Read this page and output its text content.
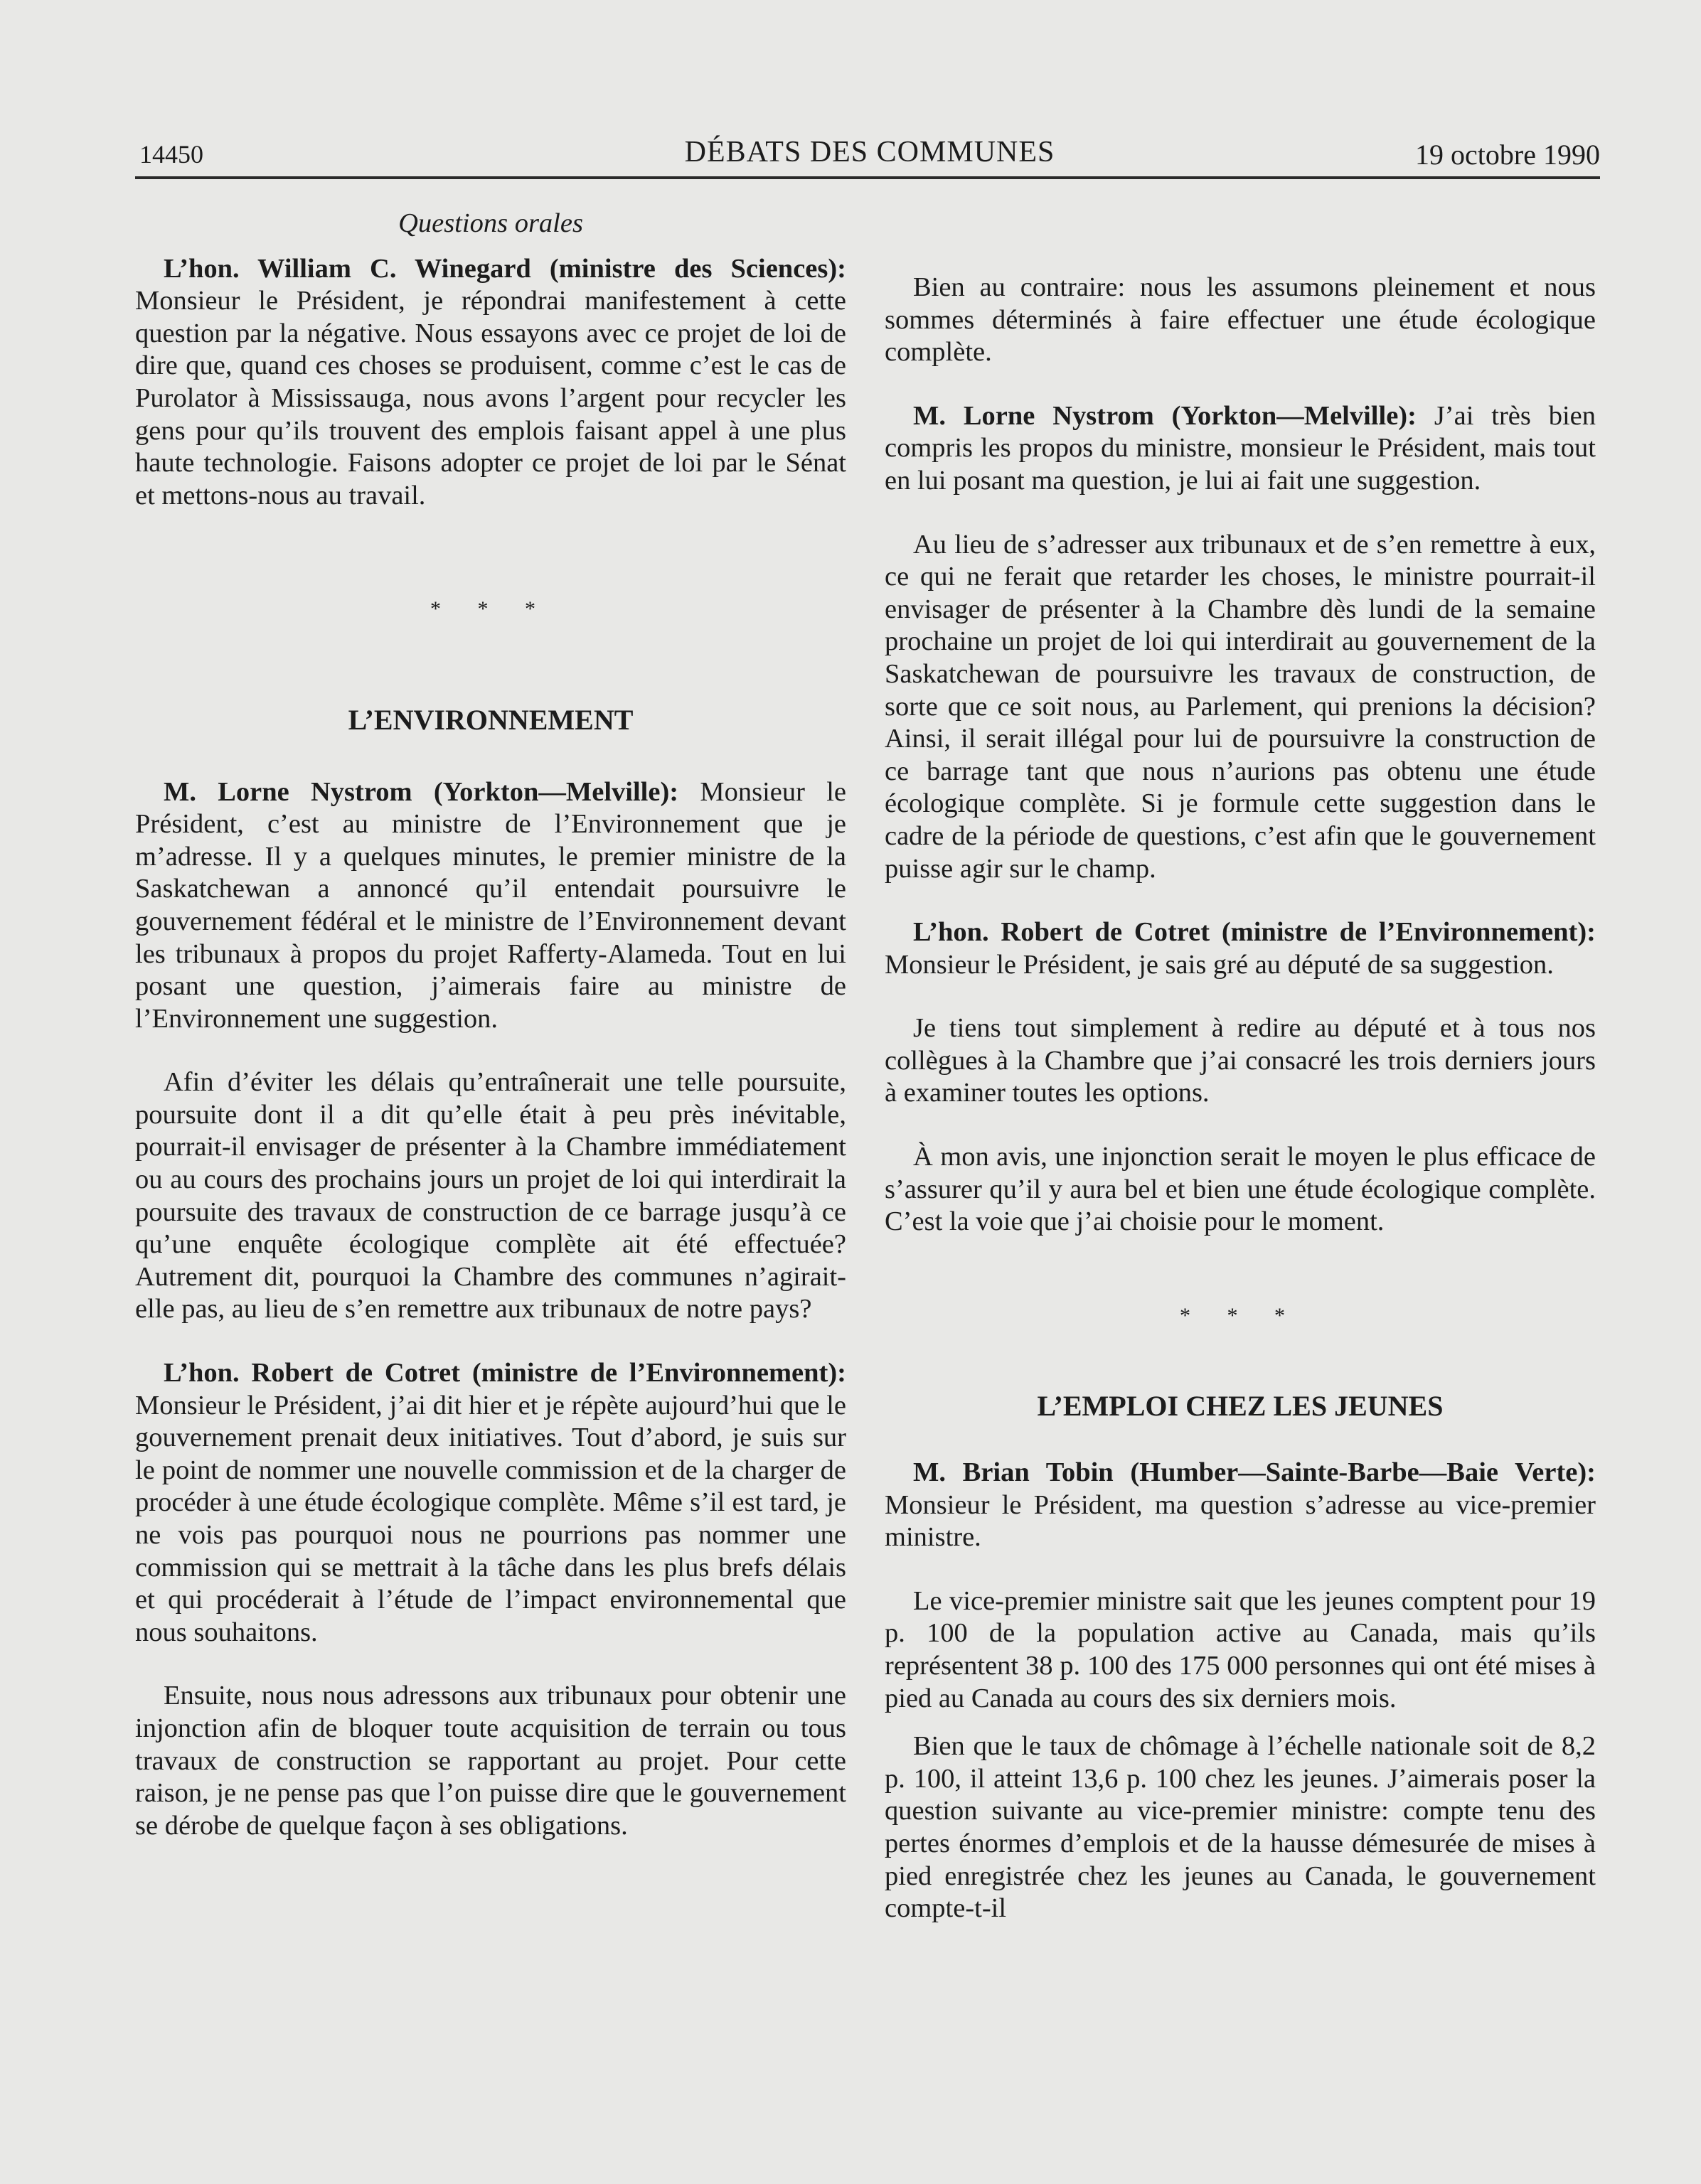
14450	DÉBATS DES COMMUNES	19 octobre 1990
Questions orales

L’hon. William C. Winegard (ministre des Sciences): Monsieur le Président, je répondrai manifestement à cette question par la négative. Nous essayons avec ce projet de loi de dire que, quand ces choses se produisent, comme c’est le cas de Purolator à Mississauga, nous avons l’argent pour recycler les gens pour qu’ils trouvent des emplois faisant appel à une plus haute technologie. Faisons adopter ce projet de loi par le Sénat et mettons-nous au travail.

* * *
L’ENVIRONNEMENT

M. Lorne Nystrom (Yorkton—Melville): Monsieur le Président, c’est au ministre de l’Environnement que je m’adresse. Il y a quelques minutes, le premier ministre de la Saskatchewan a annoncé qu’il entendait poursuivre le gouvernement fédéral et le ministre de l’Environnement devant les tribunaux à propos du projet Rafferty-Alameda. Tout en lui posant une question, j’aimerais faire au ministre de l’Environnement une suggestion.

Afin d’éviter les délais qu’entraînerait une telle poursuite, poursuite dont il a dit qu’elle était à peu près inévitable, pourrait-il envisager de présenter à la Chambre immédiatement ou au cours des prochains jours un projet de loi qui interdirait la poursuite des travaux de construction de ce barrage jusqu’à ce qu’une enquête écologique complète ait été effectuée? Autrement dit, pourquoi la Chambre des communes n’agirait-elle pas, au lieu de s’en remettre aux tribunaux de notre pays?

L’hon. Robert de Cotret (ministre de l’Environnement): Monsieur le Président, j’ai dit hier et je répète aujourd’hui que le gouvernement prenait deux initiatives. Tout d’abord, je suis sur le point de nommer une nouvelle commission et de la charger de procéder à une étude écologique complète. Même s’il est tard, je ne vois pas pourquoi nous ne pourrions pas nommer une commission qui se mettrait à la tâche dans les plus brefs délais et qui procéderait à l’étude de l’impact environnemental que nous souhaitons.

Ensuite, nous nous adressons aux tribunaux pour obtenir une injonction afin de bloquer toute acquisition de terrain ou tous travaux de construction se rapportant au projet. Pour cette raison, je ne pense pas que l’on puisse dire que le gouvernement se dérobe de quelque façon à ses obligations.

Bien au contraire: nous les assumons pleinement et nous sommes déterminés à faire effectuer une étude écologique complète.

M. Lorne Nystrom (Yorkton—Melville): J’ai très bien compris les propos du ministre, monsieur le Président, mais tout en lui posant ma question, je lui ai fait une suggestion.

Au lieu de s’adresser aux tribunaux et de s’en remettre à eux, ce qui ne ferait que retarder les choses, le ministre pourrait-il envisager de présenter à la Chambre dès lundi de la semaine prochaine un projet de loi qui interdirait au gouvernement de la Saskatchewan de poursuivre les travaux de construction, de sorte que ce soit nous, au Parlement, qui prenions la décision? Ainsi, il serait illégal pour lui de poursuivre la construction de ce barrage tant que nous n’aurions pas obtenu une étude écologique complète. Si je formule cette suggestion dans le cadre de la période de questions, c’est afin que le gouvernement puisse agir sur le champ.

L’hon. Robert de Cotret (ministre de l’Environnement): Monsieur le Président, je sais gré au député de sa suggestion.

Je tiens tout simplement à redire au député et à tous nos collègues à la Chambre que j’ai consacré les trois derniers jours à examiner toutes les options.

À mon avis, une injonction serait le moyen le plus efficace de s’assurer qu’il y aura bel et bien une étude écologique complète. C’est la voie que j’ai choisie pour le moment.

* * *
L’EMPLOI CHEZ LES JEUNES

M. Brian Tobin (Humber—Sainte-Barbe—Baie Verte): Monsieur le Président, ma question s’adresse au vice-premier ministre.

Le vice-premier ministre sait que les jeunes comptent pour 19 p. 100 de la population active au Canada, mais qu’ils représentent 38 p. 100 des 175 000 personnes qui ont été mises à pied au Canada au cours des six derniers mois.

Bien que le taux de chômage à l’échelle nationale soit de 8,2 p. 100, il atteint 13,6 p. 100 chez les jeunes. J’aimerais poser la question suivante au vice-premier ministre: compte tenu des pertes énormes d’emplois et de la hausse démesurée de mises à pied enregistrée chez les jeunes au Canada, le gouvernement compte-t-il
